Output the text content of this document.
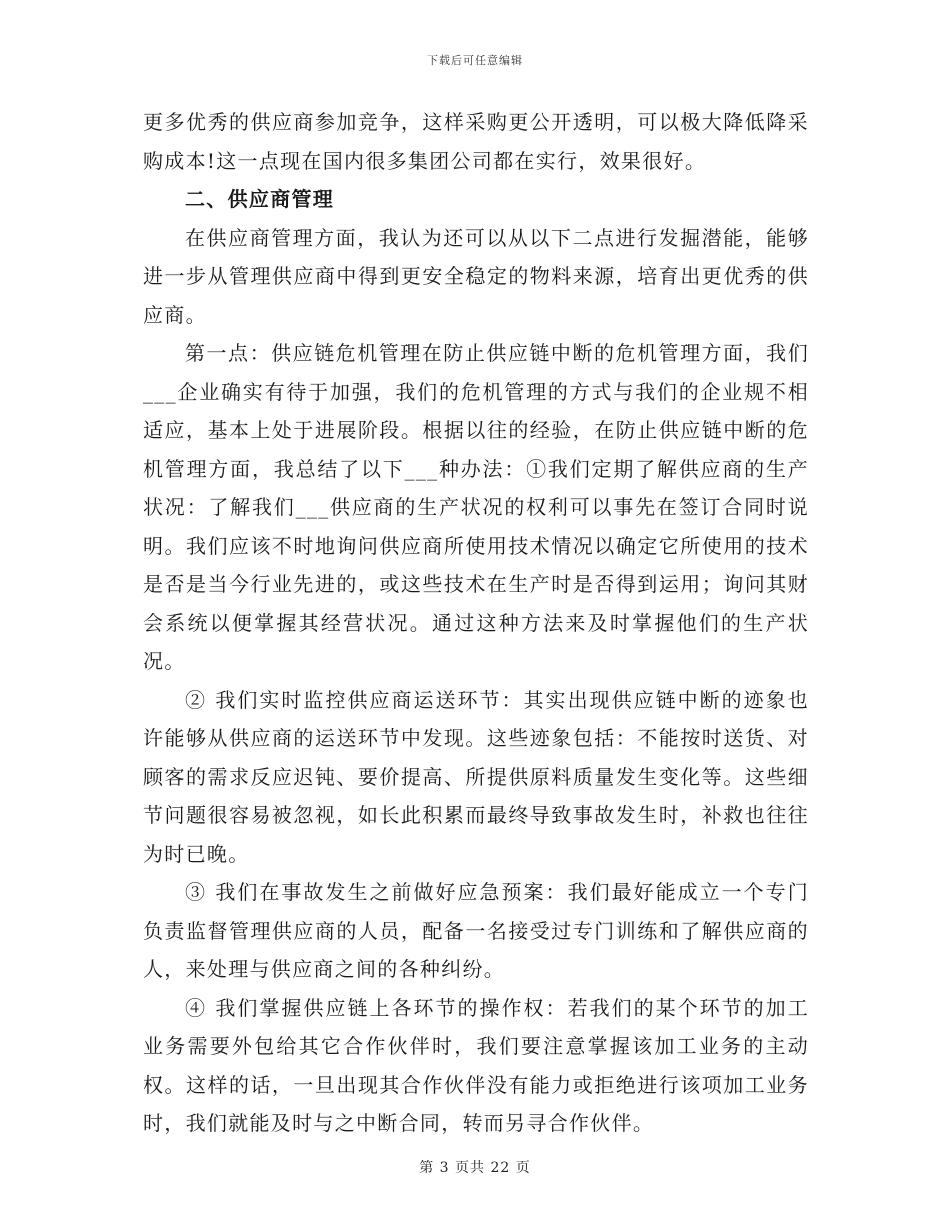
下载后可任意编辑

更多优秀的供应商参加竞争，这样采购更公开透明，可以极大降低降采购成本!这一点现在国内很多集团公司都在实行，效果很好。

二、供应商管理

在供应商管理方面，我认为还可以从以下二点进行发掘潜能，能够进一步从管理供应商中得到更安全稳定的物料来源，培育出更优秀的供应商。

第一点：供应链危机管理在防止供应链中断的危机管理方面，我们___企业确实有待于加强，我们的危机管理的方式与我们的企业规不相适应，基本上处于进展阶段。根据以往的经验，在防止供应链中断的危机管理方面，我总结了以下___种办法：①我们定期了解供应商的生产状况：了解我们___供应商的生产状况的权利可以事先在签订合同时说明。我们应该不时地询问供应商所使用技术情况以确定它所使用的技术是否是当今行业先进的，或这些技术在生产时是否得到运用；询问其财会系统以便掌握其经营状况。通过这种方法来及时掌握他们的生产状况。

② 我们实时监控供应商运送环节：其实出现供应链中断的迹象也许能够从供应商的运送环节中发现。这些迹象包括：不能按时送货、对顾客的需求反应迟钝、要价提高、所提供原料质量发生变化等。这些细节问题很容易被忽视，如长此积累而最终导致事故发生时，补救也往往为时已晚。

③ 我们在事故发生之前做好应急预案：我们最好能成立一个专门负责监督管理供应商的人员，配备一名接受过专门训练和了解供应商的人，来处理与供应商之间的各种纠纷。

④ 我们掌握供应链上各环节的操作权：若我们的某个环节的加工业务需要外包给其它合作伙伴时，我们要注意掌握该加工业务的主动权。这样的话，一旦出现其合作伙伴没有能力或拒绝进行该项加工业务时，我们就能及时与之中断合同，转而另寻合作伙伴。

第 3 页共 22 页
